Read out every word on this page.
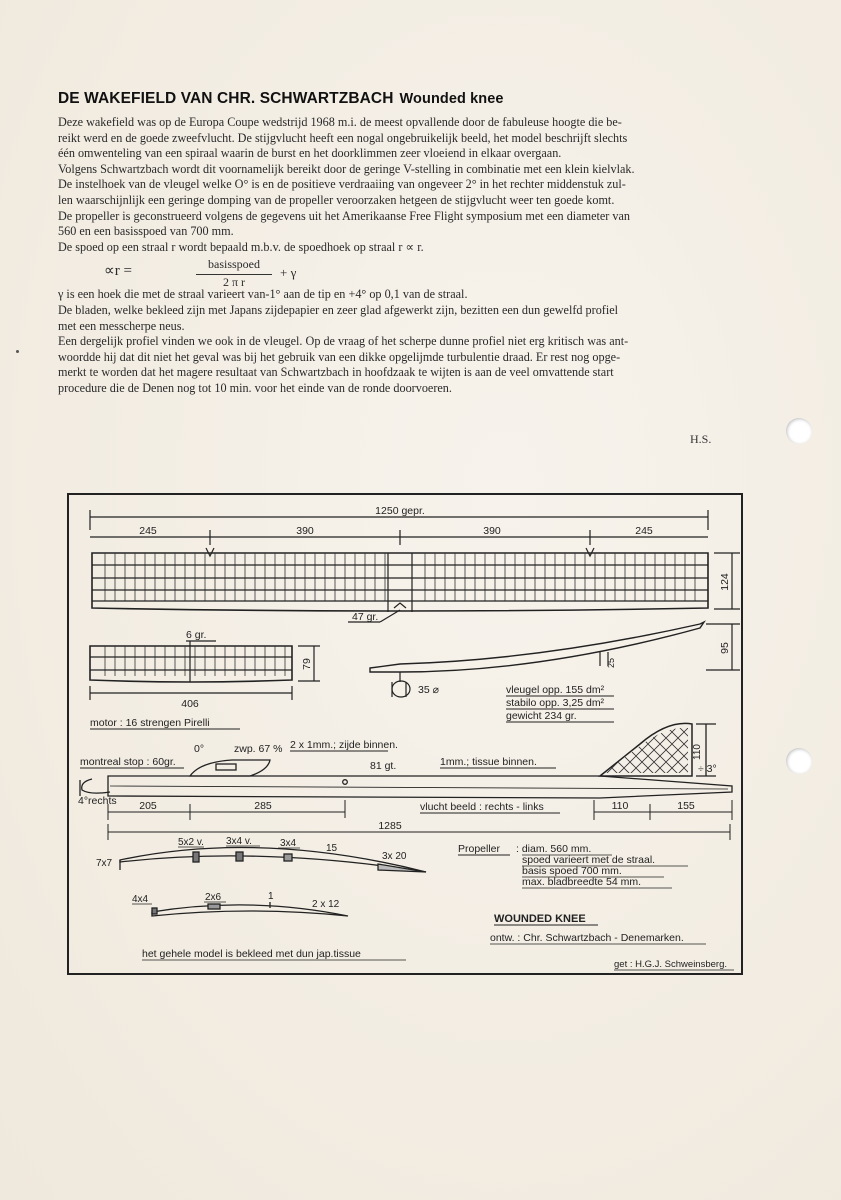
DE WAKEFIELD VAN CHR. SCHWARTZBACH Wounded knee
Deze wakefield was op de Europa Coupe wedstrijd 1968 m.i. de meest opvallende door de fabuleuse hoogte die be-
reikt werd en de goede zweefvlucht. De stijgvlucht heeft een nogal ongebruikelijk beeld, het model beschrijft slechts
één omwenteling van een spiraal waarin de burst en het doorklimmen zeer vloeiend in elkaar overgaan.
Volgens Schwartzbach wordt dit voornamelijk bereikt door de geringe V-stelling in combinatie met een klein kielvlak.
De instelhoek van de vleugel welke O° is en de positieve verdraaiing van ongeveer 2° in het rechter middenstuk zul-
len waarschijnlijk een geringe domping van de propeller veroorzaken hetgeen de stijgvlucht weer ten goede komt.
De propeller is geconstrueerd volgens de gegevens uit het Amerikaanse Free Flight symposium met een diameter van
560 en een basisspoed van 700 mm.
De spoed op een straal r wordt bepaald m.b.v. de spoedhoek op straal r ∝ r.
∝r =	basisspoed
2 π r
+ γ
γ is een hoek die met de straal varieert van-1° aan de tip en +4° op 0,1 van de straal.
De bladen, welke bekleed zijn met Japans zijdepapier en zeer glad afgewerkt zijn, bezitten een dun gewelfd profiel
met een messcherpe neus.
Een dergelijk profiel vinden we ook in de vleugel. Op de vraag of het scherpe dunne profiel niet erg kritisch was ant-
woordde hij dat dit niet het geval was bij het gebruik van een dikke opgelijmde turbulentie draad. Er rest nog opge-
merkt te worden dat het magere resultaat van Schwartzbach in hoofdzaak te wijten is aan de veel omvattende start
procedure die de Denen nog tot 10 min. voor het einde van de ronde doorvoeren.
H.S.
1250 gepr.
245	390	390	245
124
47 gr.
6 gr.
79
406
95
25
35 ⌀	vleugel opp. 155 dm²
stabilo opp. 3,25 dm²
gewicht 234 gr.
motor : 16 strengen Pirelli
0°	zwp. 67 % 2 x 1mm.; zijde binnen.
montreal stop : 60gr.	81 gt.	1mm.; tissue binnen.
110
÷ 3°
4°rechts 205	285	110	155
1285
vlucht beeld : rechts - links
5x2 v. 3x4 v.	3x4	15
3x 20
7x7
4x4	2x6	1
2 x 12
Propeller : diam. 560 mm.
spoed varieert met de straal.
basis spoed 700 mm.
max. bladbreedte 54 mm.
WOUNDED KNEE
ontw. : Chr. Schwartzbach - Denemarken.
het gehele model is bekleed met dun jap.tissue
get : H.G.J. Schweinsberg.
